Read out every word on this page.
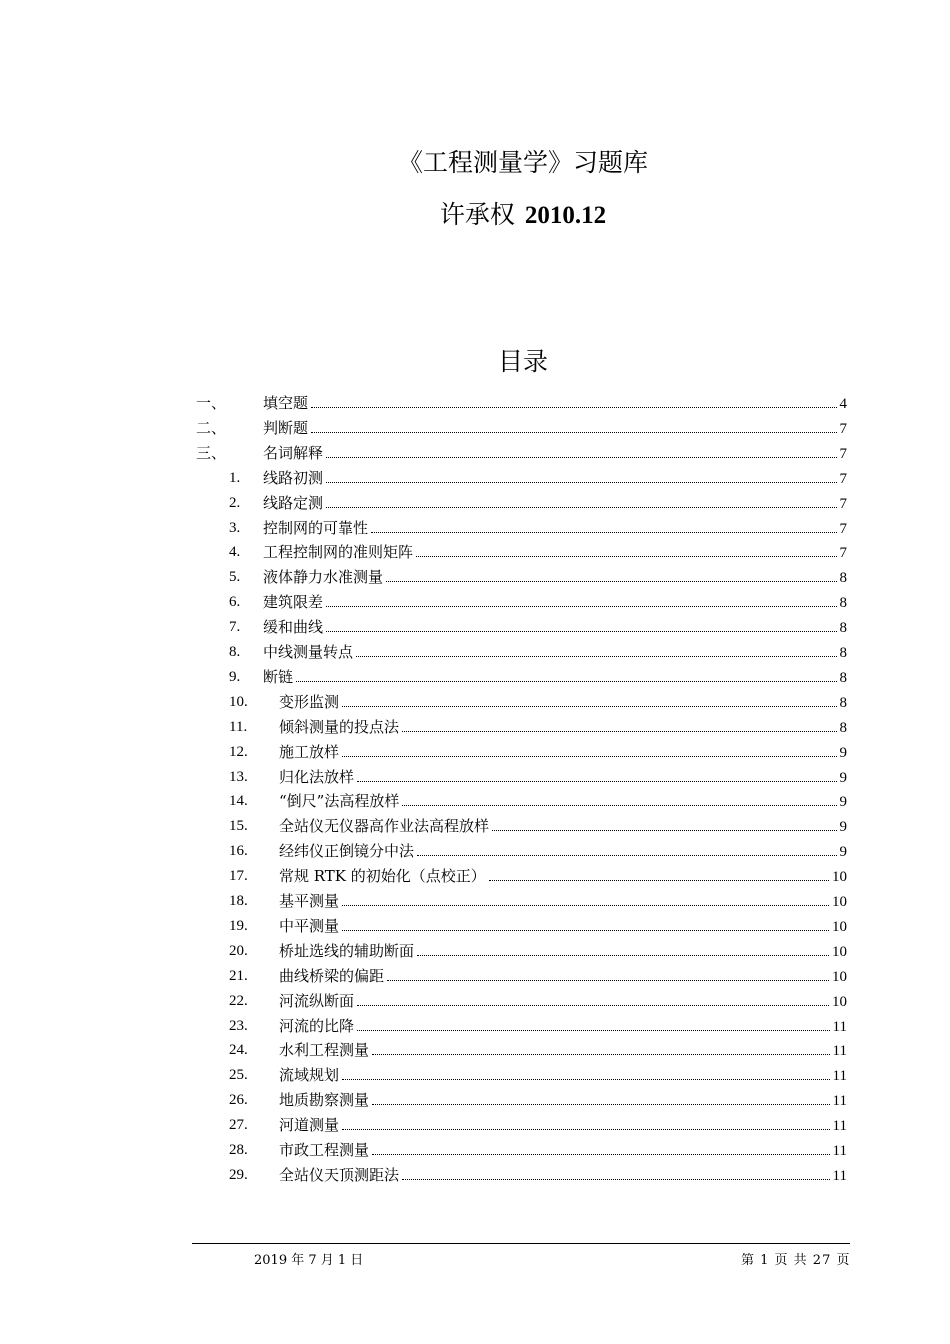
《工程测量学》习题库
许承权 2010.12
目录
一、 填空题	4
二、 判断题	7
三、 名词解释	7
1. 线路初测	7
2. 线路定测	7
3. 控制网的可靠性	7
4. 工程控制网的准则矩阵	7
5. 液体静力水准测量	8
6. 建筑限差	8
7. 缓和曲线	8
8. 中线测量转点	8
9. 断链	8
10. 变形监测	8
11. 倾斜测量的投点法	8
12. 施工放样	9
13. 归化法放样	9
14. “倒尺”法高程放样	9
15. 全站仪无仪器高作业法高程放样	9
16. 经纬仪正倒镜分中法	9
17. 常规 RTK 的初始化（点校正）	10
18. 基平测量	10
19. 中平测量	10
20. 桥址选线的辅助断面	10
21. 曲线桥梁的偏距	10
22. 河流纵断面	10
23. 河流的比降	11
24. 水利工程测量	11
25. 流域规划	11
26. 地质勘察测量	11
27. 河道测量	11
28. 市政工程测量	11
29. 全站仪天顶测距法	11
2019 年 7 月 1 日	第 1 页 共 27 页
